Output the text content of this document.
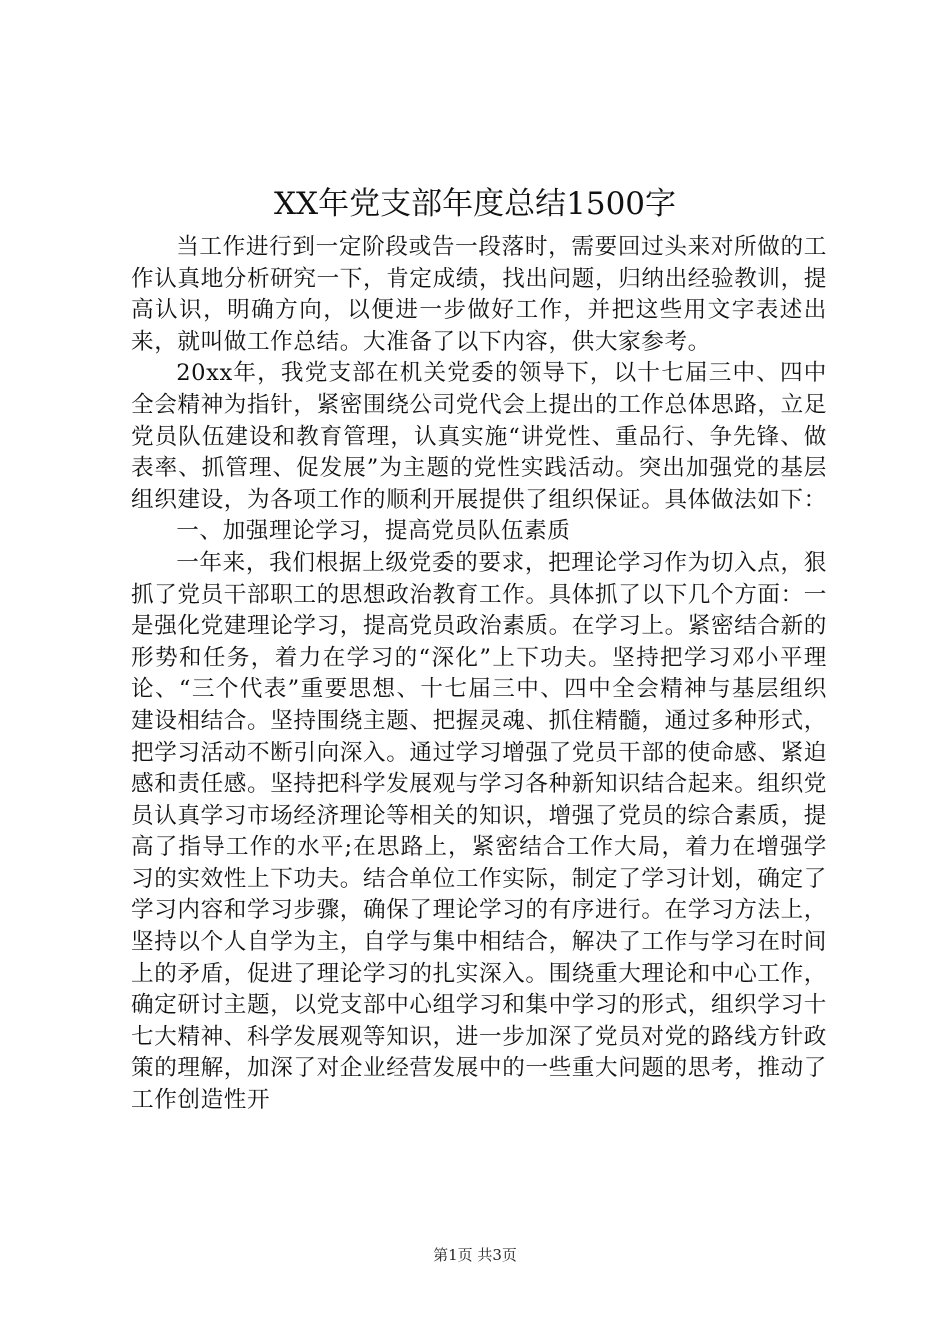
XX年党支部年度总结1500字

当工作进行到一定阶段或告一段落时，需要回过头来对所做的工作认真地分析研究一下，肯定成绩，找出问题，归纳出经验教训，提高认识，明确方向，以便进一步做好工作，并把这些用文字表述出来，就叫做工作总结。大准备了以下内容，供大家参考。

20xx年，我党支部在机关党委的领导下，以十七届三中、四中全会精神为指针，紧密围绕公司党代会上提出的工作总体思路，立足党员队伍建设和教育管理，认真实施“讲党性、重品行、争先锋、做表率、抓管理、促发展”为主题的党性实践活动。突出加强党的基层组织建设，为各项工作的顺利开展提供了组织保证。具体做法如下：

一、加强理论学习，提高党员队伍素质

一年来，我们根据上级党委的要求，把理论学习作为切入点，狠抓了党员干部职工的思想政治教育工作。具体抓了以下几个方面：一是强化党建理论学习，提高党员政治素质。在学习上。紧密结合新的形势和任务，着力在学习的“深化”上下功夫。坚持把学习邓小平理论、“三个代表”重要思想、十七届三中、四中全会精神与基层组织建设相结合。坚持围绕主题、把握灵魂、抓住精髓，通过多种形式，把学习活动不断引向深入。通过学习增强了党员干部的使命感、紧迫感和责任感。坚持把科学发展观与学习各种新知识结合起来。组织党员认真学习市场经济理论等相关的知识，增强了党员的综合素质，提高了指导工作的水平;在思路上，紧密结合工作大局，着力在增强学习的实效性上下功夫。结合单位工作实际，制定了学习计划，确定了学习内容和学习步骤，确保了理论学习的有序进行。在学习方法上，坚持以个人自学为主，自学与集中相结合，解决了工作与学习在时间上的矛盾，促进了理论学习的扎实深入。围绕重大理论和中心工作，确定研讨主题，以党支部中心组学习和集中学习的形式，组织学习十七大精神、科学发展观等知识，进一步加深了党员对党的路线方针政策的理解，加深了对企业经营发展中的一些重大问题的思考，推动了工作创造性开

第1页 共3页
